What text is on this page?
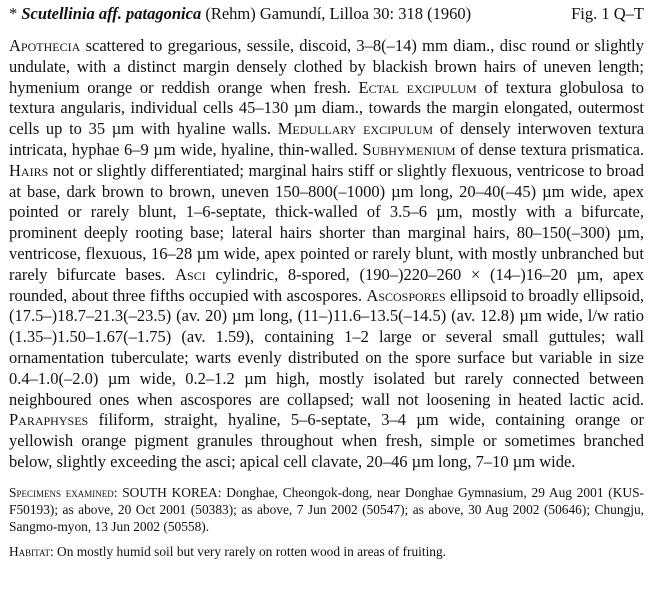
* Scutellinia aff. patagonica (Rehm) Gamundí, Lilloa 30: 318 (1960)	Fig. 1 Q–T
Apothecia scattered to gregarious, sessile, discoid, 3–8(–14) mm diam., disc round or slightly undulate, with a distinct margin densely clothed by blackish brown hairs of uneven length; hymenium orange or reddish orange when fresh. Ectal excipulum of textura globulosa to textura angularis, individual cells 45–130 µm diam., towards the margin elongated, outermost cells up to 35 µm with hyaline walls. Medullary excipulum of densely interwoven textura intricata, hyphae 6–9 µm wide, hyaline, thin-walled. Subhymenium of dense textura prismatica. Hairs not or slightly differentiated; marginal hairs stiff or slightly flexuous, ventricose to broad at base, dark brown to brown, uneven 150–800(–1000) µm long, 20–40(–45) µm wide, apex pointed or rarely blunt, 1–6-septate, thick-walled of 3.5–6 µm, mostly with a bifurcate, prominent deeply rooting base; lateral hairs shorter than marginal hairs, 80–150(–300) µm, ventricose, flexuous, 16–28 µm wide, apex pointed or rarely blunt, with mostly unbranched but rarely bifurcate bases. Asci cylindric, 8-spored, (190–)220–260 × (14–)16–20 µm, apex rounded, about three fifths occupied with ascospores. Ascospores ellipsoid to broadly ellipsoid, (17.5–)18.7–21.3(–23.5) (av. 20) µm long, (11–)11.6–13.5(–14.5) (av. 12.8) µm wide, l/w ratio (1.35–)1.50–1.67(–1.75) (av. 1.59), containing 1–2 large or several small guttules; wall ornamentation tuberculate; warts evenly distributed on the spore surface but variable in size 0.4–1.0(–2.0) µm wide, 0.2–1.2 µm high, mostly isolated but rarely connected between neighboured ones when ascospores are collapsed; wall not loosening in heated lactic acid. Paraphyses filiform, straight, hyaline, 5–6-septate, 3–4 µm wide, containing orange or yellowish orange pigment granules throughout when fresh, simple or sometimes branched below, slightly exceeding the asci; apical cell clavate, 20–46 µm long, 7–10 µm wide.
Specimens examined: SOUTH KOREA: Donghae, Cheongok-dong, near Donghae Gymnasium, 29 Aug 2001 (KUS-F50193); as above, 20 Oct 2001 (50383); as above, 7 Jun 2002 (50547); as above, 30 Aug 2002 (50646); Chungju, Sangmo-myon, 13 Jun 2002 (50558).
Habitat: On mostly humid soil but very rarely on rotten wood in areas of fruiting.
